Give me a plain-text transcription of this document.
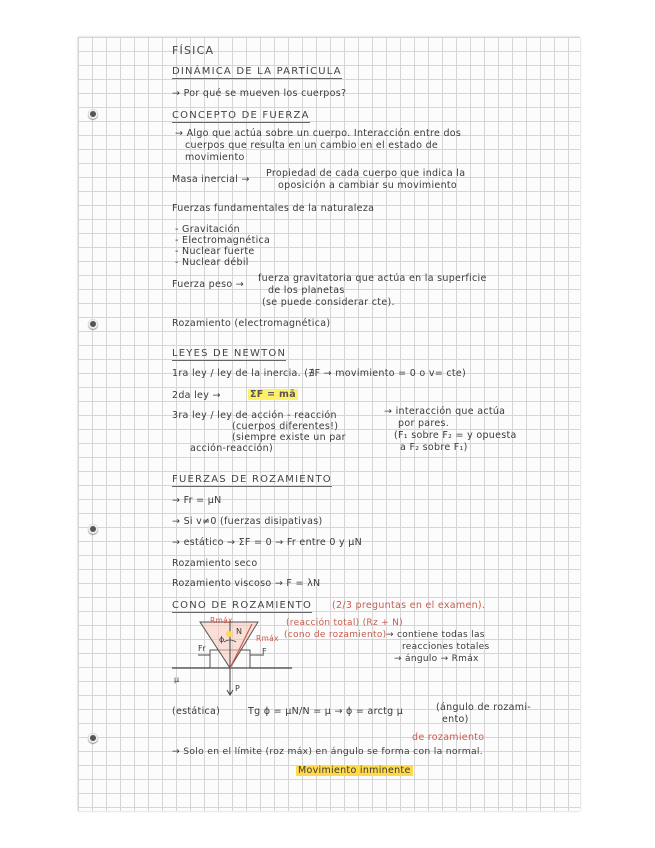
FÍSICA
DINÁMICA DE LA PARTÍCULA
→ Por qué se mueven los cuerpos?
CONCEPTO DE FUERZA
→ Algo que actúa sobre un cuerpo. Interacción entre dos
cuerpos que resulta en un cambio en el estado de
movimiento
Masa inercial →
Propiedad de cada cuerpo que indica la
oposición a cambiar su movimiento
Fuerzas fundamentales de la naturaleza
- Gravitación
- Electromagnética
- Nuclear fuerte
- Nuclear débil
Fuerza peso →
fuerza gravitatoria que actúa en la superficie
de los planetas
(se puede considerar cte).
Rozamiento (electromagnética)
LEYES DE NEWTON
1ra ley / ley de la inercia. (∄F → movimiento = 0 o v= cte)
2da ley →	ΣF = mā
3ra ley / ley de acción - reacción
(cuerpos diferentes!)
(siempre existe un par
acción-reacción)
→ interacción que actúa
por pares.
(F₁ sobre F₂ = y opuesta
a F₂ sobre F₁)
FUERZAS DE ROZAMIENTO
→ Fr = μN
→ Si v≠0 (fuerzas disipativas)
→ estático → ΣF = 0 → Fr entre 0 y μN
Rozamiento seco
Rozamiento viscoso → F = λN
CONO DE ROZAMIENTO (2/3 preguntas en el examen).
Rmáx
N
ϕ	Rmáx
Fr	F
P
μ
(reacción total) (Rz + N)
(cono de rozamiento) → contiene todas las
reacciones totales
→ ángulo → Rmáx
(estática)	Tg ϕ = μN/N = μ → ϕ = arctg μ	(ángulo de rozami-
ento)
de rozamiento
→ Solo en el límite (roz máx) en ángulo se forma con la normal.
Movimiento inminente
